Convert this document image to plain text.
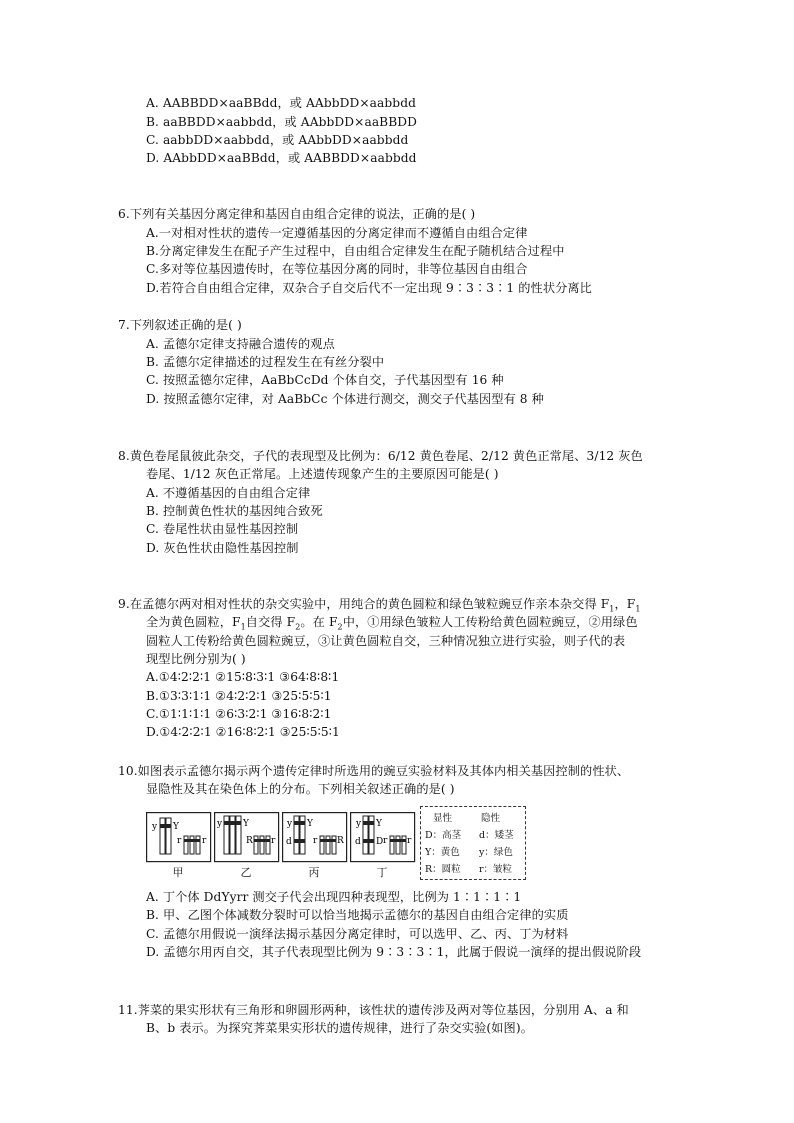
A. AABBDD×aaBBdd，或 AAbbDD×aabbdd
B. aaBBDD×aabbdd，或 AAbbDD×aaBBDD
C. aabbDD×aabbdd，或 AAbbDD×aabbdd
D. AAbbDD×aaBBdd，或 AABBDD×aabbdd
6.下列有关基因分离定律和基因自由组合定律的说法，正确的是( )
A.一对相对性状的遗传一定遵循基因的分离定律而不遵循自由组合定律
B.分离定律发生在配子产生过程中，自由组合定律发生在配子随机结合过程中
C.多对等位基因遗传时，在等位基因分离的同时，非等位基因自由组合
D.若符合自由组合定律，双杂合子自交后代不一定出现 9∶3∶3∶1 的性状分离比
7.下列叙述正确的是( )
A. 孟德尔定律支持融合遗传的观点
B. 孟德尔定律描述的过程发生在有丝分裂中
C. 按照孟德尔定律，AaBbCcDd 个体自交，子代基因型有 16 种
D. 按照孟德尔定律，对 AaBbCc 个体进行测交，测交子代基因型有 8 种
8.黄色卷尾鼠彼此杂交，子代的表现型及比例为：6/12 黄色卷尾、2/12 黄色正常尾、3/12 灰色
卷尾、1/12 灰色正常尾。上述遗传现象产生的主要原因可能是( )
A. 不遵循基因的自由组合定律
B. 控制黄色性状的基因纯合致死
C. 卷尾性状由显性基因控制
D. 灰色性状由隐性基因控制
9.在孟德尔两对相对性状的杂交实验中，用纯合的黄色圆粒和绿色皱粒豌豆作亲本杂交得 $F_1$，$F_1$
全为黄色圆粒，$F_1$自交得 $F_2$。在 $F_2$中，①用绿色皱粒人工传粉给黄色圆粒豌豆，②用绿色
圆粒人工传粉给黄色圆粒豌豆，③让黄色圆粒自交，三种情况独立进行实验，则子代的表
现型比例分别为( )
A.①4∶2∶2∶1 ②15∶8∶3∶1 ③64∶8∶8∶1
B.①3∶3∶1∶1 ②4∶2∶2∶1 ③25∶5∶5∶1
C.①1∶1∶1∶1 ②6∶3∶2∶1 ③16∶8∶2∶1
D.①4∶2∶2∶1 ②16∶8∶2∶1 ③25∶5∶5∶1
10.如图表示孟德尔揭示两个遗传定律时所选用的豌豆实验材料及其体内相关基因控制的性状、
显隐性及其在染色体上的分布。下列相关叙述正确的是( )
y Y
r r
y Y
R r
y Y
d r R
y Y
d D r r
甲	乙	丙	丁
显性	隐性
D：高茎 d：矮茎
Y：黄色 y：绿色
R：圆粒 r：皱粒
A. 丁个体 DdYyrr 测交子代会出现四种表现型，比例为 1∶1∶1∶1
B. 甲、乙图个体减数分裂时可以恰当地揭示孟德尔的基因自由组合定律的实质
C. 孟德尔用假说一演绎法揭示基因分离定律时，可以选甲、乙、丙、丁为材料
D. 孟德尔用丙自交，其子代表现型比例为 9∶3∶3∶1，此属于假说一演绎的提出假说阶段
11.荠菜的果实形状有三角形和卵圆形两种，该性状的遗传涉及两对等位基因，分别用 A、a 和
B、b 表示。为探究荠菜果实形状的遗传规律，进行了杂交实验(如图)。
